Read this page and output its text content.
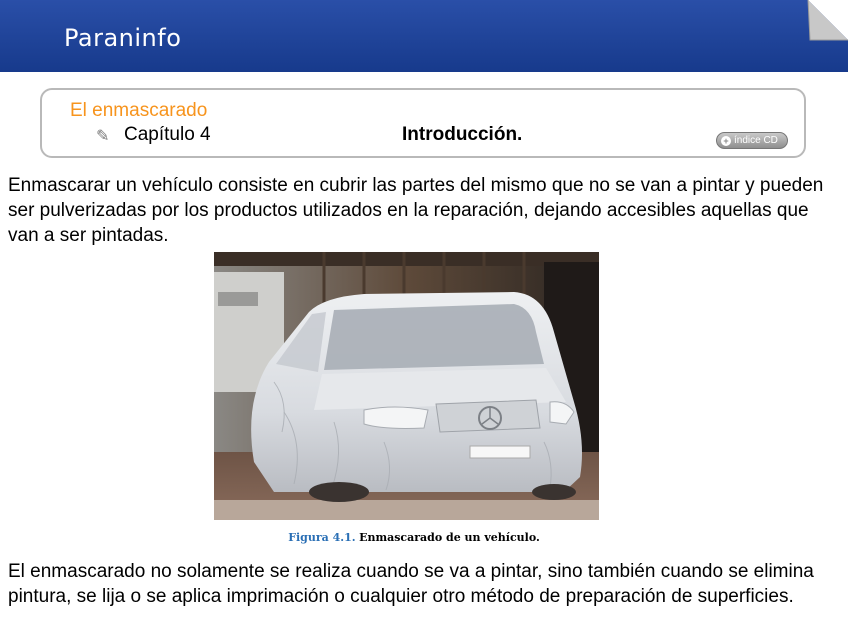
Paraninfo
El enmascarado
✎ Capítulo 4	Introducción.	+ índice CD

Enmascarar un vehículo consiste en cubrir las partes del mismo que no se van a pintar y pueden ser pulverizadas por los productos utilizados en la reparación, dejando accesibles aquellas que van a ser pintadas.

Figura 4.1. Enmascarado de un vehículo.

El enmascarado no solamente se realiza cuando se va a pintar, sino también cuando se elimina pintura, se lija o se aplica imprimación o cualquier otro método de preparación de superficies.
